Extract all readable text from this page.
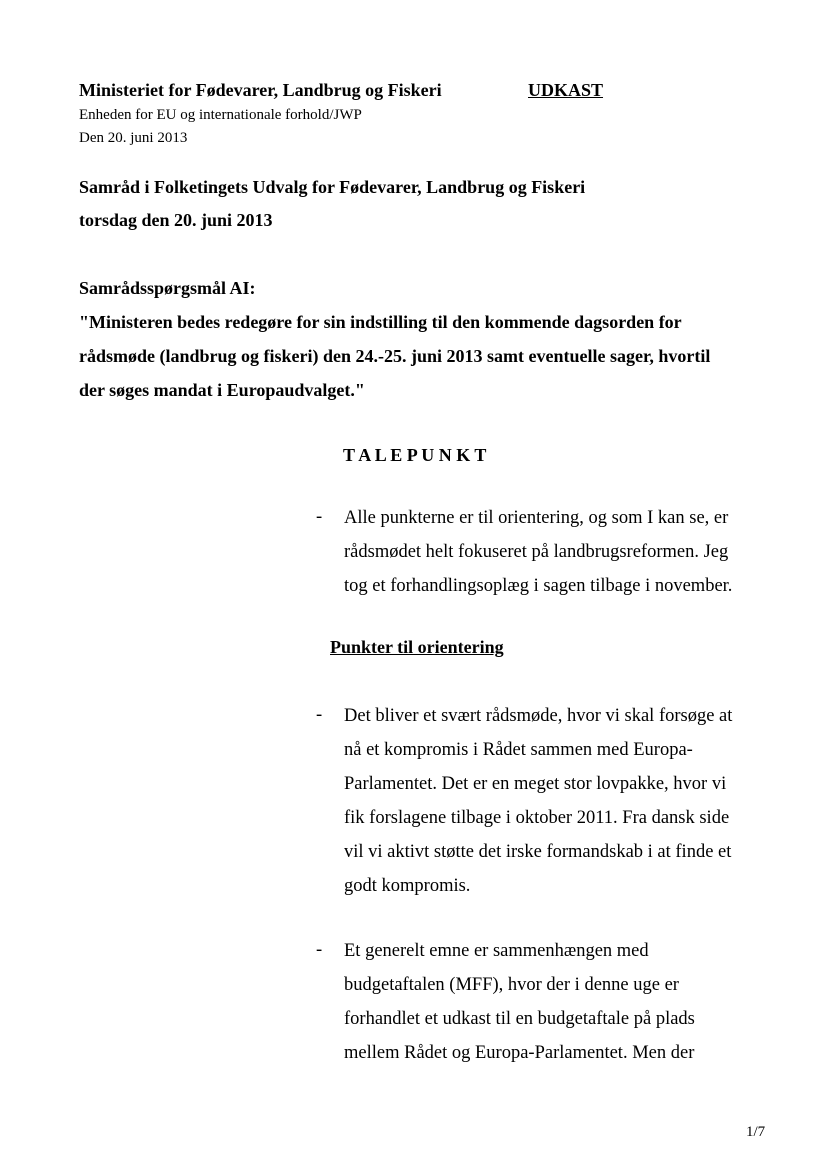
Ministeriet for Fødevarer, Landbrug og Fiskeri	UDKAST
Enheden for EU og internationale forhold/JWP
Den 20. juni 2013
Samråd i Folketingets Udvalg for Fødevarer, Landbrug og Fiskeri
torsdag den 20. juni 2013
Samrådsspørgsmål AI:
"Ministeren bedes redegøre for sin indstilling til den kommende dagsorden for
rådsmøde (landbrug og fiskeri) den 24.-25. juni 2013 samt eventuelle sager, hvortil
der søges mandat i Europaudvalget."
T A L E P U N K T
- Alle punkterne er til orientering, og som I kan se, er
rådsmødet helt fokuseret på landbrugsreformen. Jeg
tog et forhandlingsoplæg i sagen tilbage i november.
Punkter til orientering
- Det bliver et svært rådsmøde, hvor vi skal forsøge at
nå et kompromis i Rådet sammen med Europa-
Parlamentet. Det er en meget stor lovpakke, hvor vi
fik forslagene tilbage i oktober 2011. Fra dansk side
vil vi aktivt støtte det irske formandskab i at finde et
godt kompromis.
- Et generelt emne er sammenhængen med
budgetaftalen (MFF), hvor der i denne uge er
forhandlet et udkast til en budgetaftale på plads
mellem Rådet og Europa-Parlamentet. Men der
1/7
